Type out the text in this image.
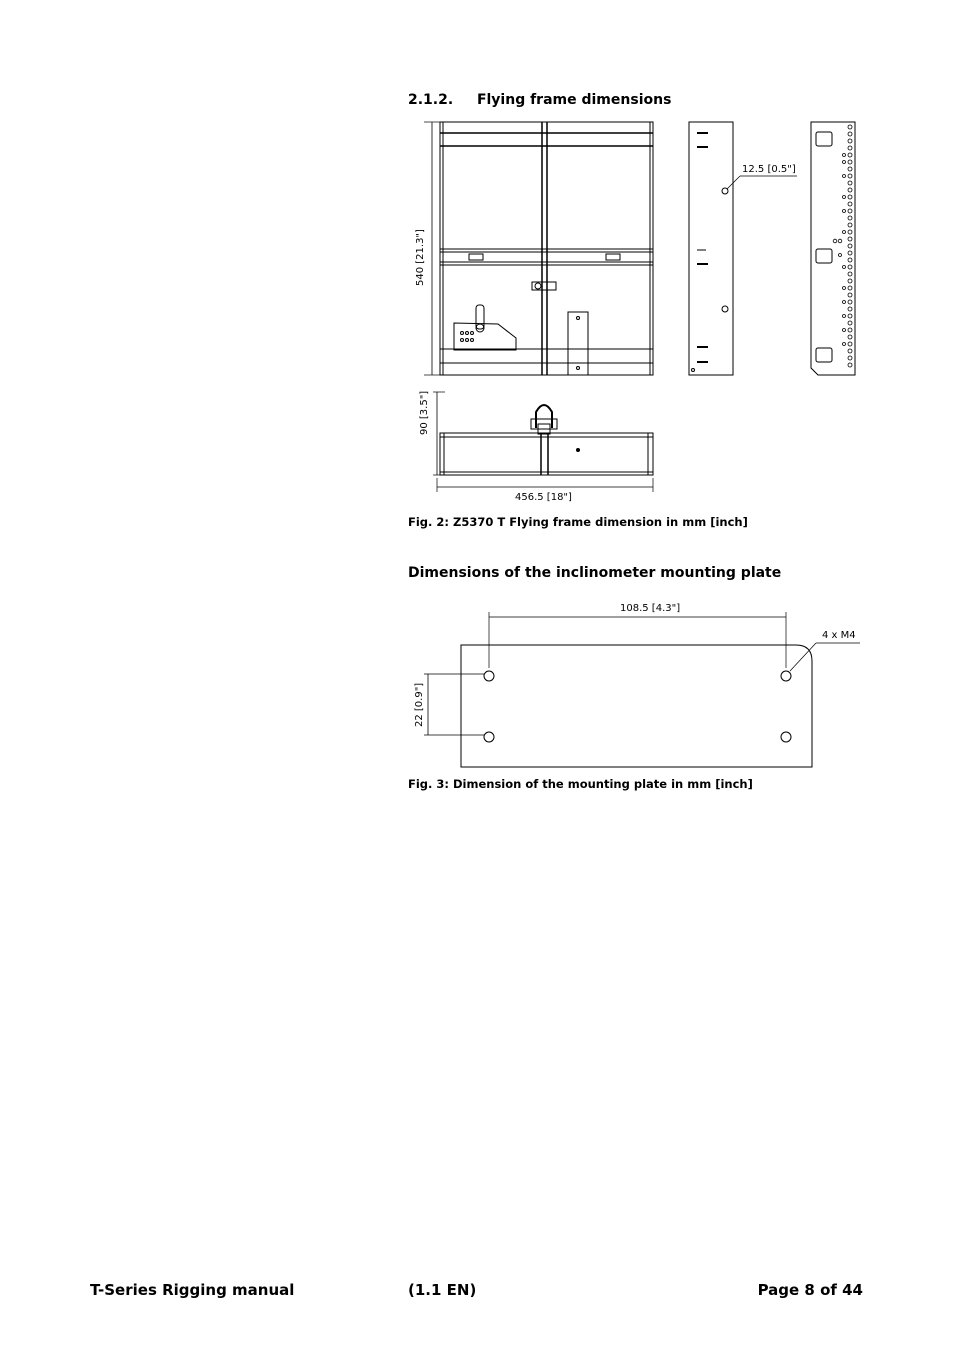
2.1.2. Flying frame dimensions
540 [21.3"]
12.5 [0.5"]
90 [3.5"]
456.5 [18"]
Fig. 2: Z5370 T Flying frame dimension in mm [inch]
Dimensions of the inclinometer mounting plate
108.5 [4.3"]
4 x M4
22 [0.9"]
Fig. 3: Dimension of the mounting plate in mm [inch]
T-Series Rigging manual	(1.1 EN)	Page 8 of 44
